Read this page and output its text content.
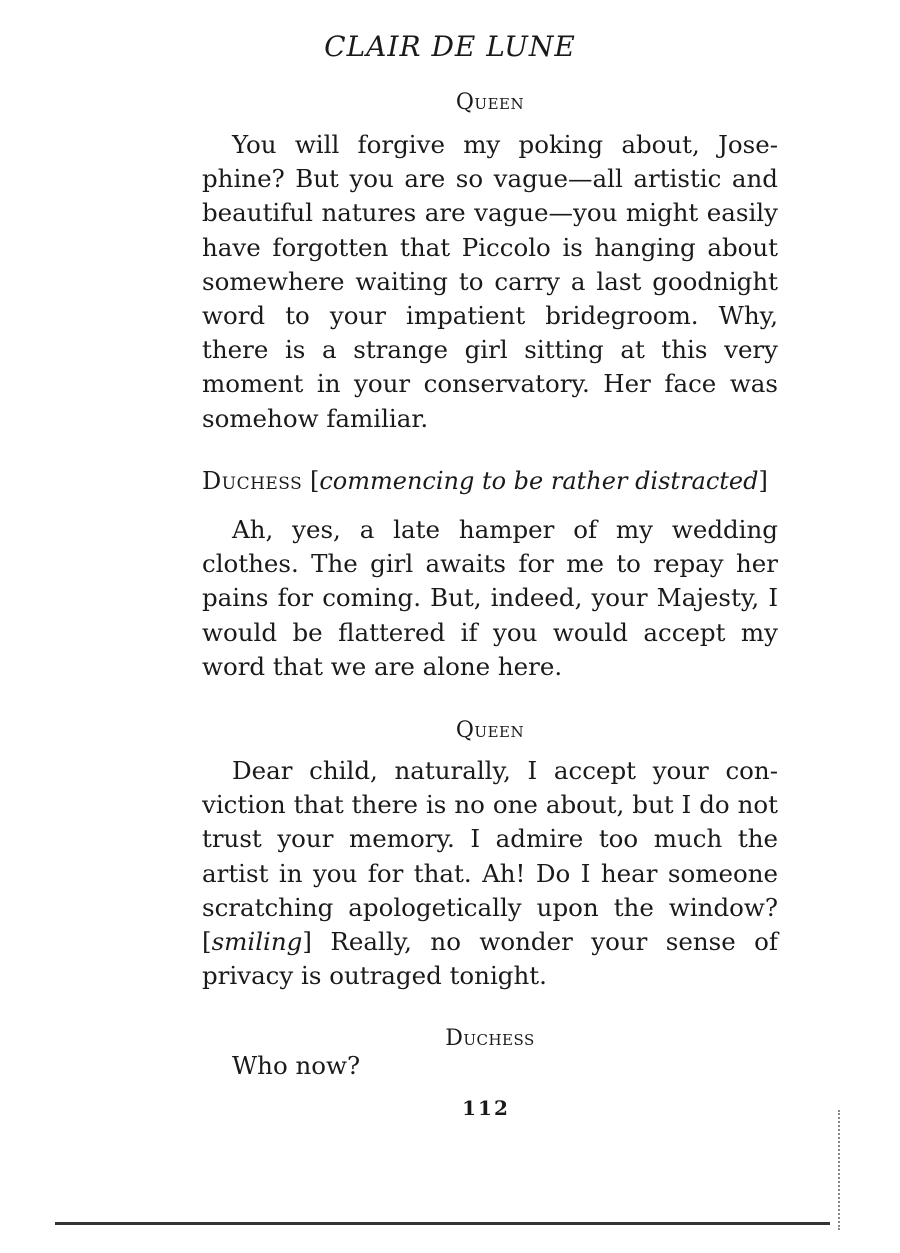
CLAIR DE LUNE
Queen

You will forgive my poking about, Josephine? But you are so vague—all artistic and beautiful natures are vague—you might easily have forgotten that Piccolo is hanging about somewhere waiting to carry a last goodnight word to your impatient bridegroom. Why, there is a strange girl sitting at this very moment in your conservatory. Her face was somehow familiar.

Duchess [commencing to be rather distracted]

Ah, yes, a late hamper of my wedding clothes. The girl awaits for me to repay her pains for coming. But, indeed, your Majesty, I would be flattered if you would accept my word that we are alone here.

Queen

Dear child, naturally, I accept your conviction that there is no one about, but I do not trust your memory. I admire too much the artist in you for that. Ah! Do I hear someone scratching apologetically upon the window? [smiling] Really, no wonder your sense of privacy is outraged tonight.

Duchess
Who now?
112
